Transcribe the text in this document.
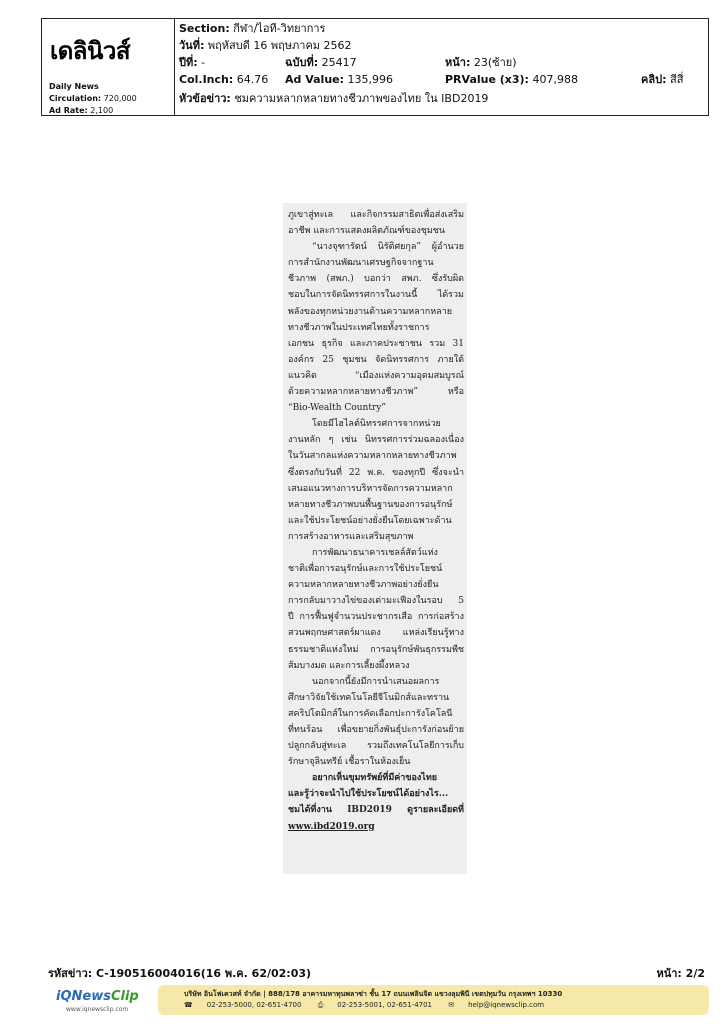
เดลินิวส์
Daily News
Circulation: 720,000
Ad Rate: 2,100
Section: กีฬา/ไอที-วิทยาการ
วันที่: พฤหัสบดี 16 พฤษภาคม 2562
ปีที่: -	ฉบับที่: 25417	หน้า: 23(ซ้าย)
Col.Inch: 64.76 Ad Value: 135,996	PRValue (x3): 407,988	คลิป: สีสี่
หัวข้อข่าว: ชมความหลากหลายทางชีวภาพของไทย ใน IBD2019

ภูเขาสู่ทะเล และกิจกรรมสาธิตเพื่อส่งเสริม

อาชีพ และการแสดงผลิตภัณฑ์ของชุมชน

“นางจุฑารัตน์ นิรัติศยกุล” ผู้อำนวย

การสำนักงานพัฒนาเศรษฐกิจจากฐาน

ชีวภาพ (สพภ.) บอกว่า สพภ. ซึ่งรับผิด

ชอบในการจัดนิทรรศการในงานนี้ ได้รวม

พลังของทุกหน่วยงานด้านความหลากหลาย

ทางชีวภาพในประเทศไทยทั้งราชการ

เอกชน ธุรกิจ และภาคประชาชน รวม 31

องค์กร 25 ชุมชน จัดนิทรรศการ ภายใต้

แนวคิด “เมืองแห่งความอุดมสมบูรณ์

ด้วยความหลากหลายทางชีวภาพ” หรือ

“Bio-Wealth Country”

โดยมีไฮไลต์นิทรรศการจากหน่วย

งานหลัก ๆ เช่น นิทรรศการร่วมฉลองเนื่อง

ในวันสากลแห่งความหลากหลายทางชีวภาพ

ซึ่งตรงกับวันที่ 22 พ.ค. ของทุกปี ซึ่งจะนำ

เสนอแนวทางการบริหารจัดการความหลาก

หลายทางชีวภาพบนพื้นฐานของการอนุรักษ์

และใช้ประโยชน์อย่างยั่งยืนโดยเฉพาะด้าน

การสร้างอาหารและเสริมสุขภาพ

การพัฒนาธนาคารเชลล์สัตว์แห่ง

ชาติเพื่อการอนุรักษ์และการใช้ประโยชน์

ความหลากหลายทางชีวภาพอย่างยั่งยืน

การกลับมาวางไข่ของเต่ามะเฟืองในรอบ 5

ปี การฟื้นฟูจำนวนประชากรเสือ การก่อสร้าง

สวนพฤกษศาสตร์ผาแดง แหล่งเรียนรู้ทาง

ธรรมชาติแห่งใหม่ การอนุรักษ์พันธุกรรมพืช

ส้มบางมด และการเลี้ยงผึ้งหลวง

นอกจากนี้ยังมีการนำเสนอผลการ

ศึกษาวิจัยใช้เทคโนโลยีจีโนมิกส์และทราน

สคริปโตมิกส์ในการคัดเลือกปะการังโคโลนี

ที่ทนร้อน เพื่อขยายกิ่งพันธุ์ปะการังก่อนย้าย

ปลูกกลับสู่ทะเล รวมถึงเทคโนโลยีการเก็บ

รักษาจุลินทรีย์ เชื้อราในห้องเย็น

อยากเห็นขุมทรัพย์ที่มีค่าของไทย

และรู้ว่าจะนำไปใช้ประโยชน์ได้อย่างไร...

ชมได้ที่งาน IBD2019 ดูรายละเอียดที่

www.ibd2019.org

รหัสข่าว: C-190516004016(16 พ.ค. 62/02:03)	หน้า: 2/2
iQNewsClip
www.iqnewsclip.com
บริษัท อินโฟเควสท์ จำกัด | 888/178 อาคารมหาทุนพลาซ่า ชั้น 17 ถนนเพลินจิต แขวงลุมพินี เขตปทุมวัน กรุงเทพฯ 10330
☎ 02-253-5000, 02-651-4700 ⎙ 02-253-5001, 02-651-4701 ✉ help@iqnewsclip.com
